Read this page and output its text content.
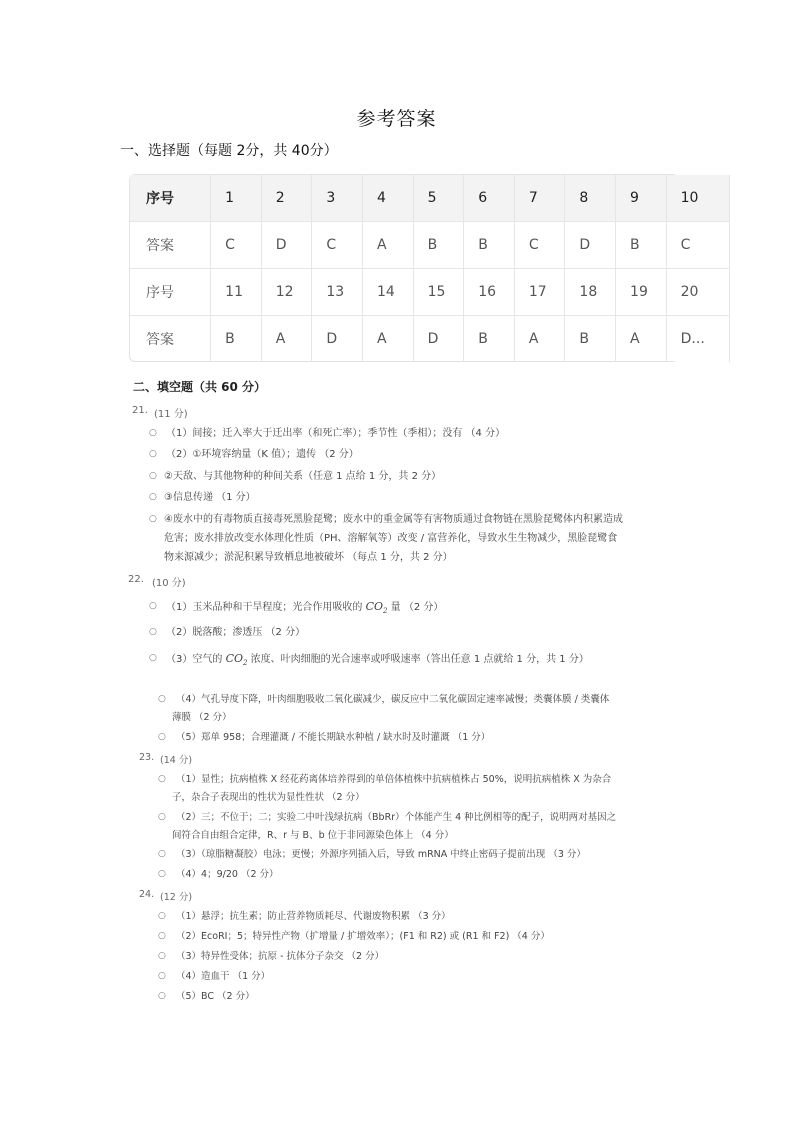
参考答案
一、选择题（每题 2分，共 40分）
序号	1	2	3	4	5	6	7	8	9	10
答案	C	D	C	A	B	B	C	D	B	C
序号	11	12	13	14	15	16	17	18	19	20
答案	B	A	D	A	D	B	A	B	A	D...
二、填空题（共 60 分）
21. (11 分)
○ （1）间接；迁入率大于迁出率（和死亡率）；季节性（季相）；没有 （4 分）
○ （2）①环境容纳量（K 值）；遗传 （2 分）
○ ②天敌、与其他物种的种间关系（任意 1 点给 1 分，共 2 分）
○ ③信息传递 （1 分）
○ ④废水中的有毒物质直接毒死黑脸琵鹭；废水中的重金属等有害物质通过食物链在黑脸琵鹭体内积累造成
危害；废水排放改变水体理化性质（PH、溶解氧等）改变 / 富营养化，导致水生生物减少，黑脸琵鹭食
物来源减少；淤泥积累导致栖息地被破坏 （每点 1 分，共 2 分）
22. (10 分)
○ （1）玉米品种和干旱程度；光合作用吸收的 $CO_2$ 量 （2 分）
○ （2）脱落酸；渗透压 （2 分）
○ （3）空气的 $CO_2$ 浓度、叶肉细胞的光合速率或呼吸速率（答出任意 1 点就给 1 分，共 1 分）
○ （4）气孔导度下降，叶肉细胞吸收二氧化碳减少，碳反应中二氧化碳固定速率减慢；类囊体膜 / 类囊体
薄膜 （2 分）
○ （5）郑单 958；合理灌溉 / 不能长期缺水种植 / 缺水时及时灌溉 （1 分）
23. (14 分)
○ （1）显性；抗病植株 X 经花药离体培养得到的单倍体植株中抗病植株占 50%，说明抗病植株 X 为杂合
子，杂合子表现出的性状为显性性状 （2 分）
○ （2）三；不位于；二；实验二中叶浅绿抗病（BbRr）个体能产生 4 种比例相等的配子，说明两对基因之
间符合自由组合定律，R、r 与 B、b 位于非同源染色体上 （4 分）
○ （3）（琼脂糖凝胶）电泳；更慢；外源序列插入后，导致 mRNA 中终止密码子提前出现 （3 分）
○ （4）4；9/20 （2 分）
24. (12 分)
○ （1）悬浮；抗生素；防止营养物质耗尽、代谢废物积累 （3 分）
○ （2）EcoRI；5；特异性产物（扩增量 / 扩增效率）；(F1 和 R2) 或 (R1 和 F2) （4 分）
○ （3）特异性受体；抗原 - 抗体分子杂交 （2 分）
○ （4）造血干 （1 分）
○ （5）BC （2 分）
